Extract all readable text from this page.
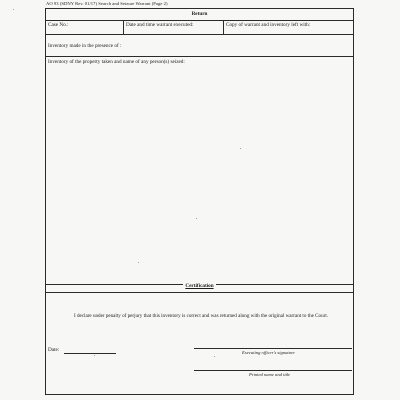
AO 93 (SDNY Rev. 01/17) Search and Seizure Warrant (Page 2)
Return
Case No.:	Date and time warrant executed:	Copy of warrant and inventory left with:
Inventory made in the presence of :
Inventory of the property taken and name of any person(s) seized:
Certification
I declare under penalty of perjury that this inventory is correct and was returned along with the original warrant to the Court.
Date:	Executing officer's signature
Printed name and title
